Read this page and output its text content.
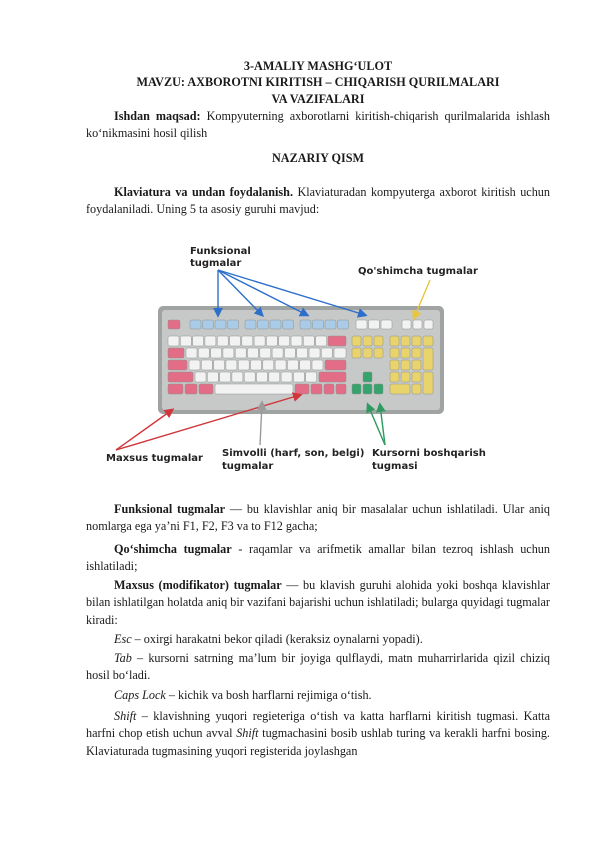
3-AMALIY MASHG‘ULOT
MAVZU: AXBOROTNI KIRITISH – CHIQARISH QURILMALARI
VA VAZIFALARI

Ishdan maqsad: Kompyuterning axborotlarni kiritish-chiqarish qurilmalarida ishlash ko‘nikmasini hosil qilish

NAZARIY QISM

Klaviatura va undan foydalanish. Klaviaturadan kompyuterga axborot kiritish uchun foydalaniladi. Uning 5 ta asosiy guruhi mavjud:

Funksional
tugmalar
Qo'shimcha tugmalar
Maxsus tugmalar Simvolli (harf, son, belgi)
tugmalar
Kursorni boshqarish
tugmasi

Funksional tugmalar — bu klavishlar aniq bir masalalar uchun ishlatiladi. Ular aniq nomlarga ega ya’ni F1, F2, F3 va to F12 gacha;

Qo‘shimcha tugmalar - raqamlar va arifmetik amallar bilan tezroq ishlash uchun ishlatiladi;

Maxsus (modifikator) tugmalar — bu klavish guruhi alohida yoki boshqa klavishlar bilan ishlatilgan holatda aniq bir vazifani bajarishi uchun ishlatiladi; bularga quyidagi tugmalar kiradi:

Esc – oxirgi harakatni bekor qiladi (keraksiz oynalarni yopadi).

Tab – kursorni satrning ma’lum bir joyiga qulflaydi, matn muharrirlarida qizil chiziq hosil bo‘ladi.

Caps Lock – kichik va bosh harflarni rejimiga o‘tish.

Shift – klavishning yuqori regieteriga o‘tish va katta harflarni kiritish tugmasi. Katta harfni chop etish uchun avval Shift tugmachasini bosib ushlab turing va kerakli harfni bosing. Klaviaturada tugmasining yuqori registerida joylashgan
